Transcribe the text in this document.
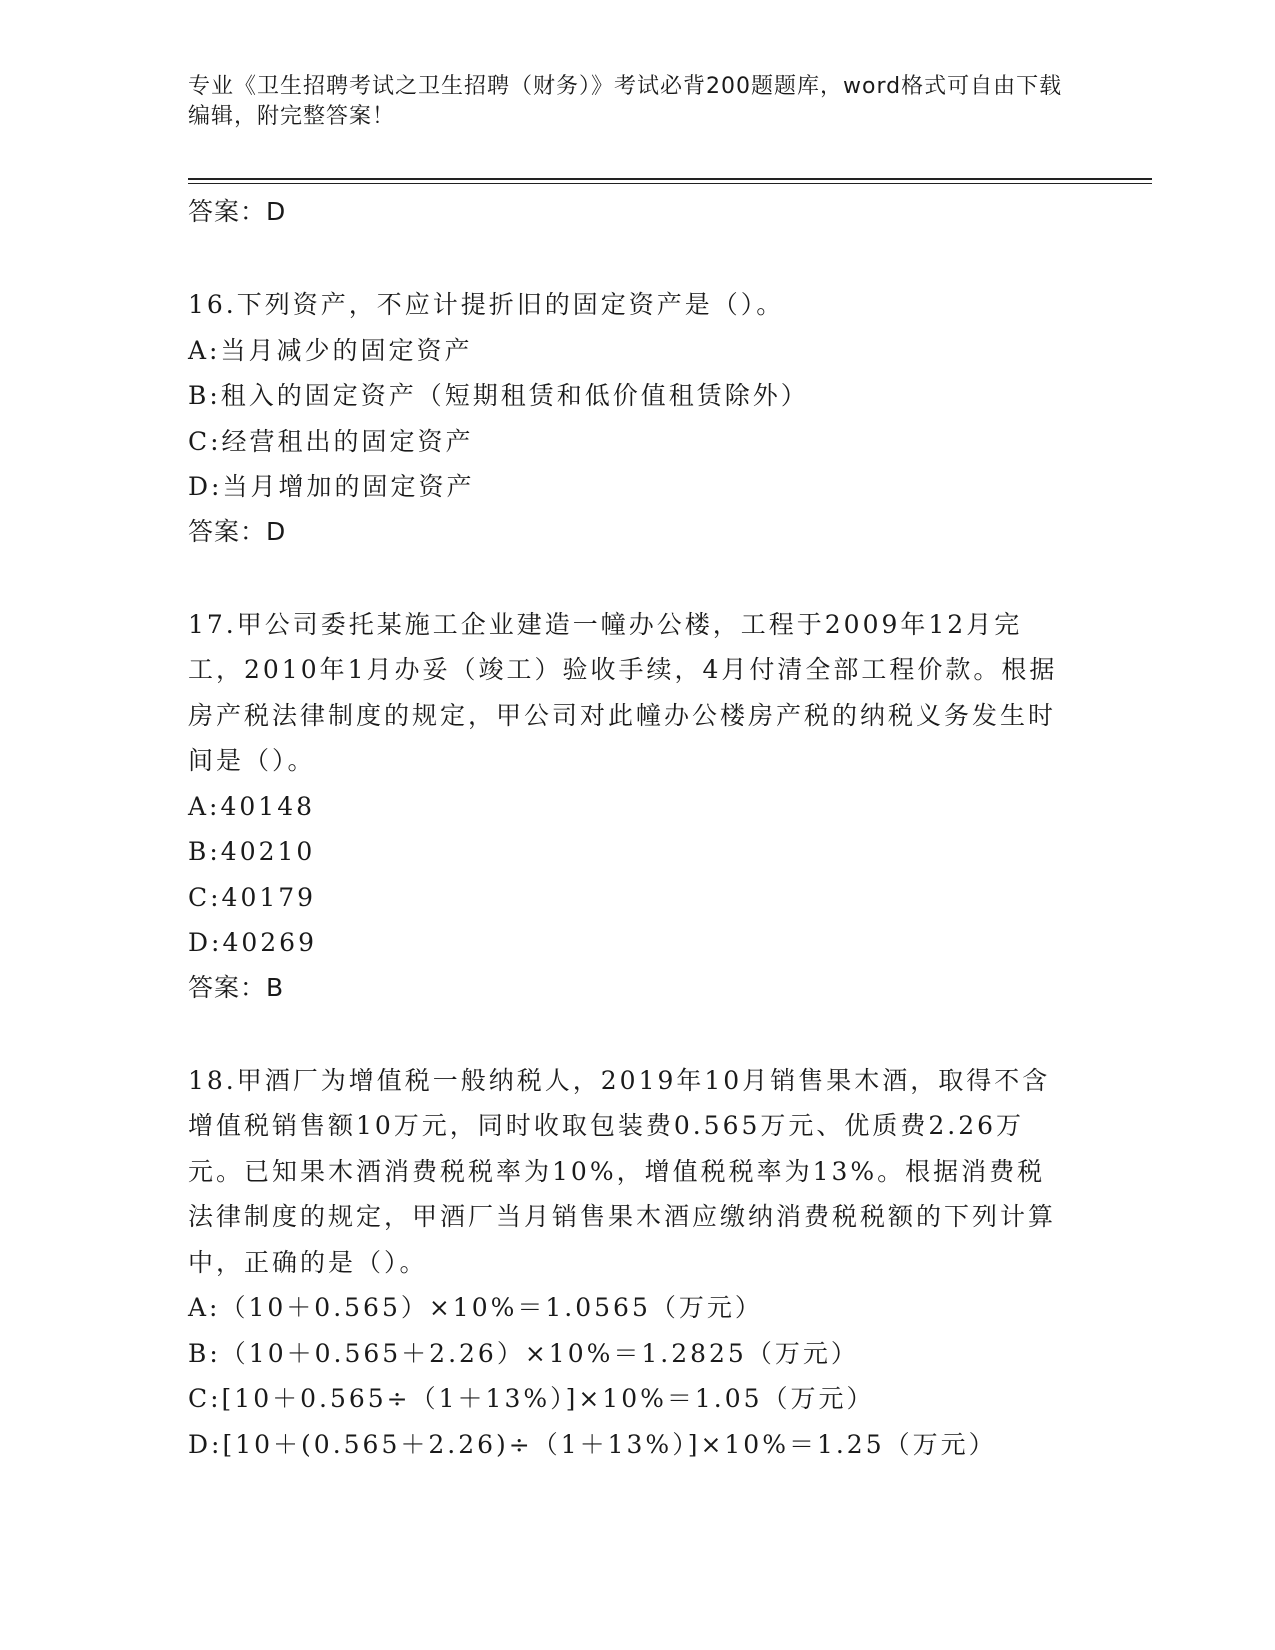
专业《卫生招聘考试之卫生招聘（财务）》考试必背200题题库，word格式可自由下载编辑，附完整答案！
答案：D
16.下列资产，不应计提折旧的固定资产是（）。
A:当月减少的固定资产
B:租入的固定资产（短期租赁和低价值租赁除外）
C:经营租出的固定资产
D:当月增加的固定资产
答案：D
17.甲公司委托某施工企业建造一幢办公楼，工程于2009年12月完工，2010年1月办妥（竣工）验收手续，4月付清全部工程价款。根据房产税法律制度的规定，甲公司对此幢办公楼房产税的纳税义务发生时间是（）。
A:40148
B:40210
C:40179
D:40269
答案：B
18.甲酒厂为增值税一般纳税人，2019年10月销售果木酒，取得不含增值税销售额10万元，同时收取包装费0.565万元、优质费2.26万元。已知果木酒消费税税率为10%，增值税税率为13%。根据消费税法律制度的规定，甲酒厂当月销售果木酒应缴纳消费税税额的下列计算中，正确的是（）。
A:（10＋0.565）×10%＝1.0565（万元）
B:（10＋0.565＋2.26）×10%＝1.2825（万元）
C:[10＋0.565÷（1＋13%）]×10%＝1.05（万元）
D:[10＋(0.565＋2.26)÷（1＋13%）]×10%＝1.25（万元）
